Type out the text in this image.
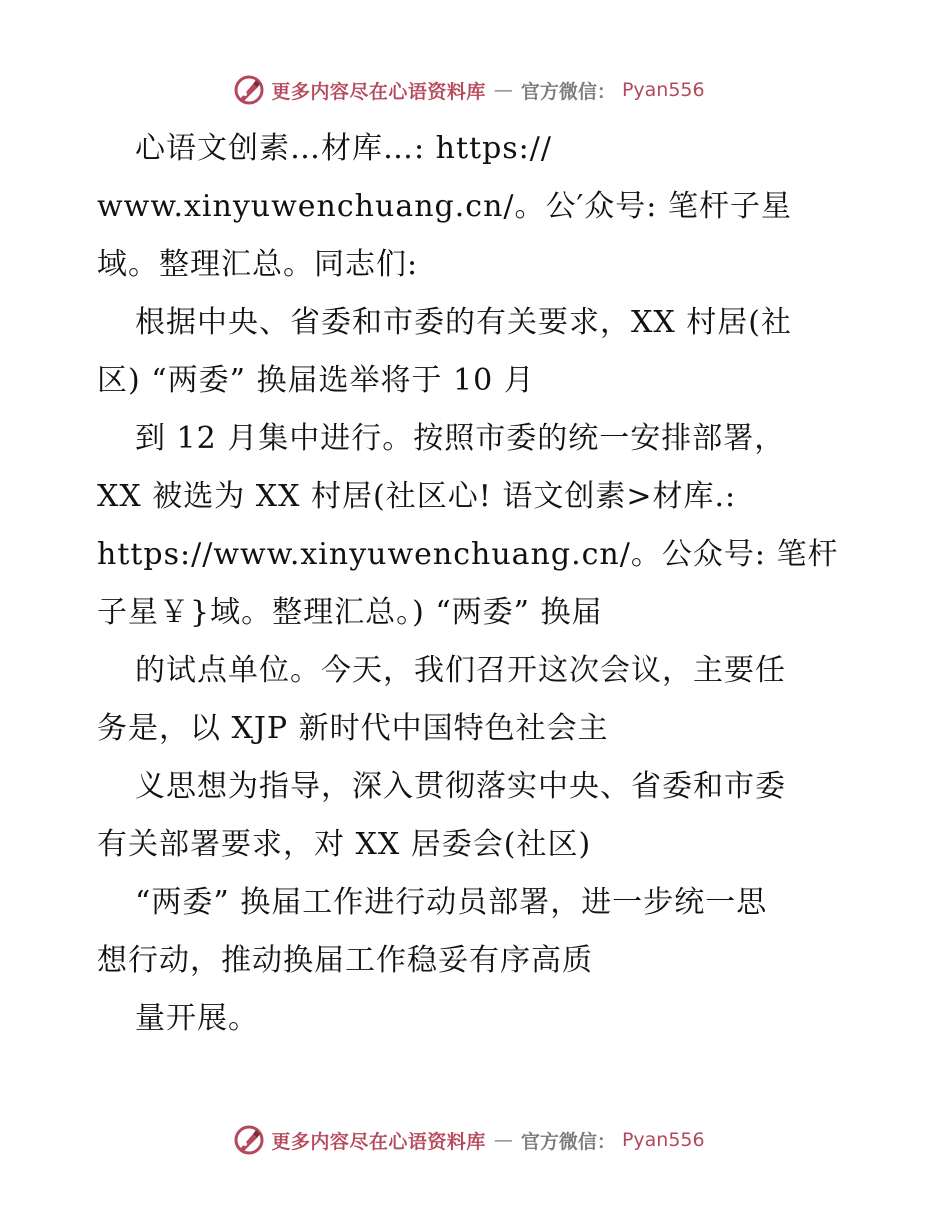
更多内容尽在心语资料库 — 官方微信： Pyan556
心语文创素…材库…: https://
www.xinyuwenchuang.cn/。公′众号: 笔杆子星
域。整理汇总。同志们:
根据中央、省委和市委的有关要求，XX 村居(社
区) “两委” 换届选举将于 10 月
到 12 月集中进行。按照市委的统一安排部署，
XX 被选为 XX 村居(社区心! 语文创素>材库.:
https://www.xinyuwenchuang.cn/。公众号: 笔杆
子星￥}域。整理汇总。) “两委” 换届
的试点单位。今天，我们召开这次会议，主要任
务是，以 XJP 新时代中国特色社会主
义思想为指导，深入贯彻落实中央、省委和市委
有关部署要求，对 XX 居委会(社区)
“两委” 换届工作进行动员部署，进一步统一思
想行动，推动换届工作稳妥有序高质
量开展。
更多内容尽在心语资料库 — 官方微信： Pyan556
